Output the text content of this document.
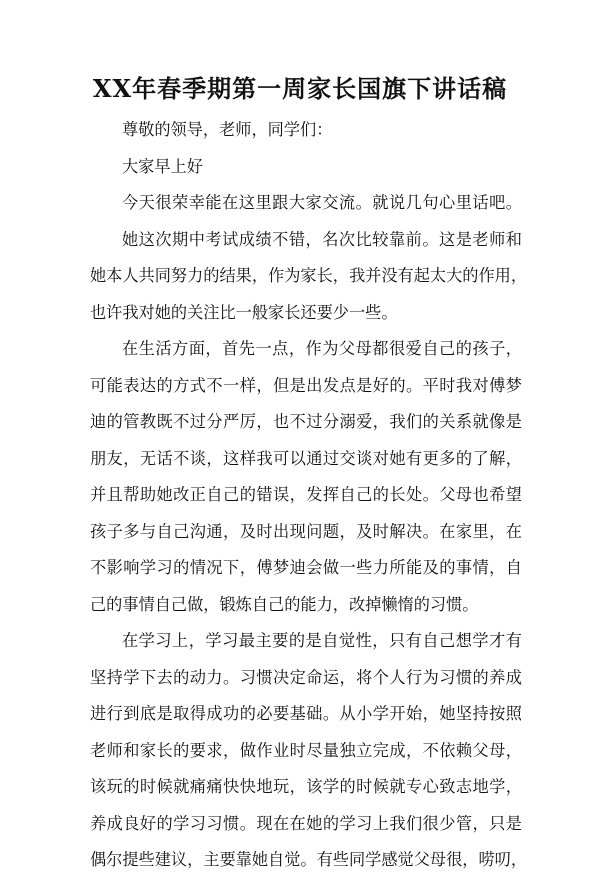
XX年春季期第一周家长国旗下讲话稿
尊敬的领导，老师，同学们：
大家早上好
今天很荣幸能在这里跟大家交流。就说几句心里话吧。
她这次期中考试成绩不错，名次比较靠前。这是老师和
她本人共同努力的结果，作为家长，我并没有起太大的作用，
也许我对她的关注比一般家长还要少一些。
在生活方面，首先一点，作为父母都很爱自己的孩子，
可能表达的方式不一样，但是出发点是好的。平时我对傅梦
迪的管教既不过分严厉，也不过分溺爱，我们的关系就像是
朋友，无话不谈，这样我可以通过交谈对她有更多的了解，
并且帮助她改正自己的错误，发挥自己的长处。父母也希望
孩子多与自己沟通，及时出现问题，及时解决。在家里，在
不影响学习的情况下，傅梦迪会做一些力所能及的事情，自
己的事情自己做，锻炼自己的能力，改掉懒惰的习惯。
在学习上，学习最主要的是自觉性，只有自己想学才有
坚持学下去的动力。习惯决定命运，将个人行为习惯的养成
进行到底是取得成功的必要基础。从小学开始，她坚持按照
老师和家长的要求，做作业时尽量独立完成，不依赖父母，
该玩的时候就痛痛快快地玩，该学的时候就专心致志地学，
养成良好的学习习惯。现在在她的学习上我们很少管，只是
偶尔提些建议，主要靠她自觉。有些同学感觉父母很，唠叨，
